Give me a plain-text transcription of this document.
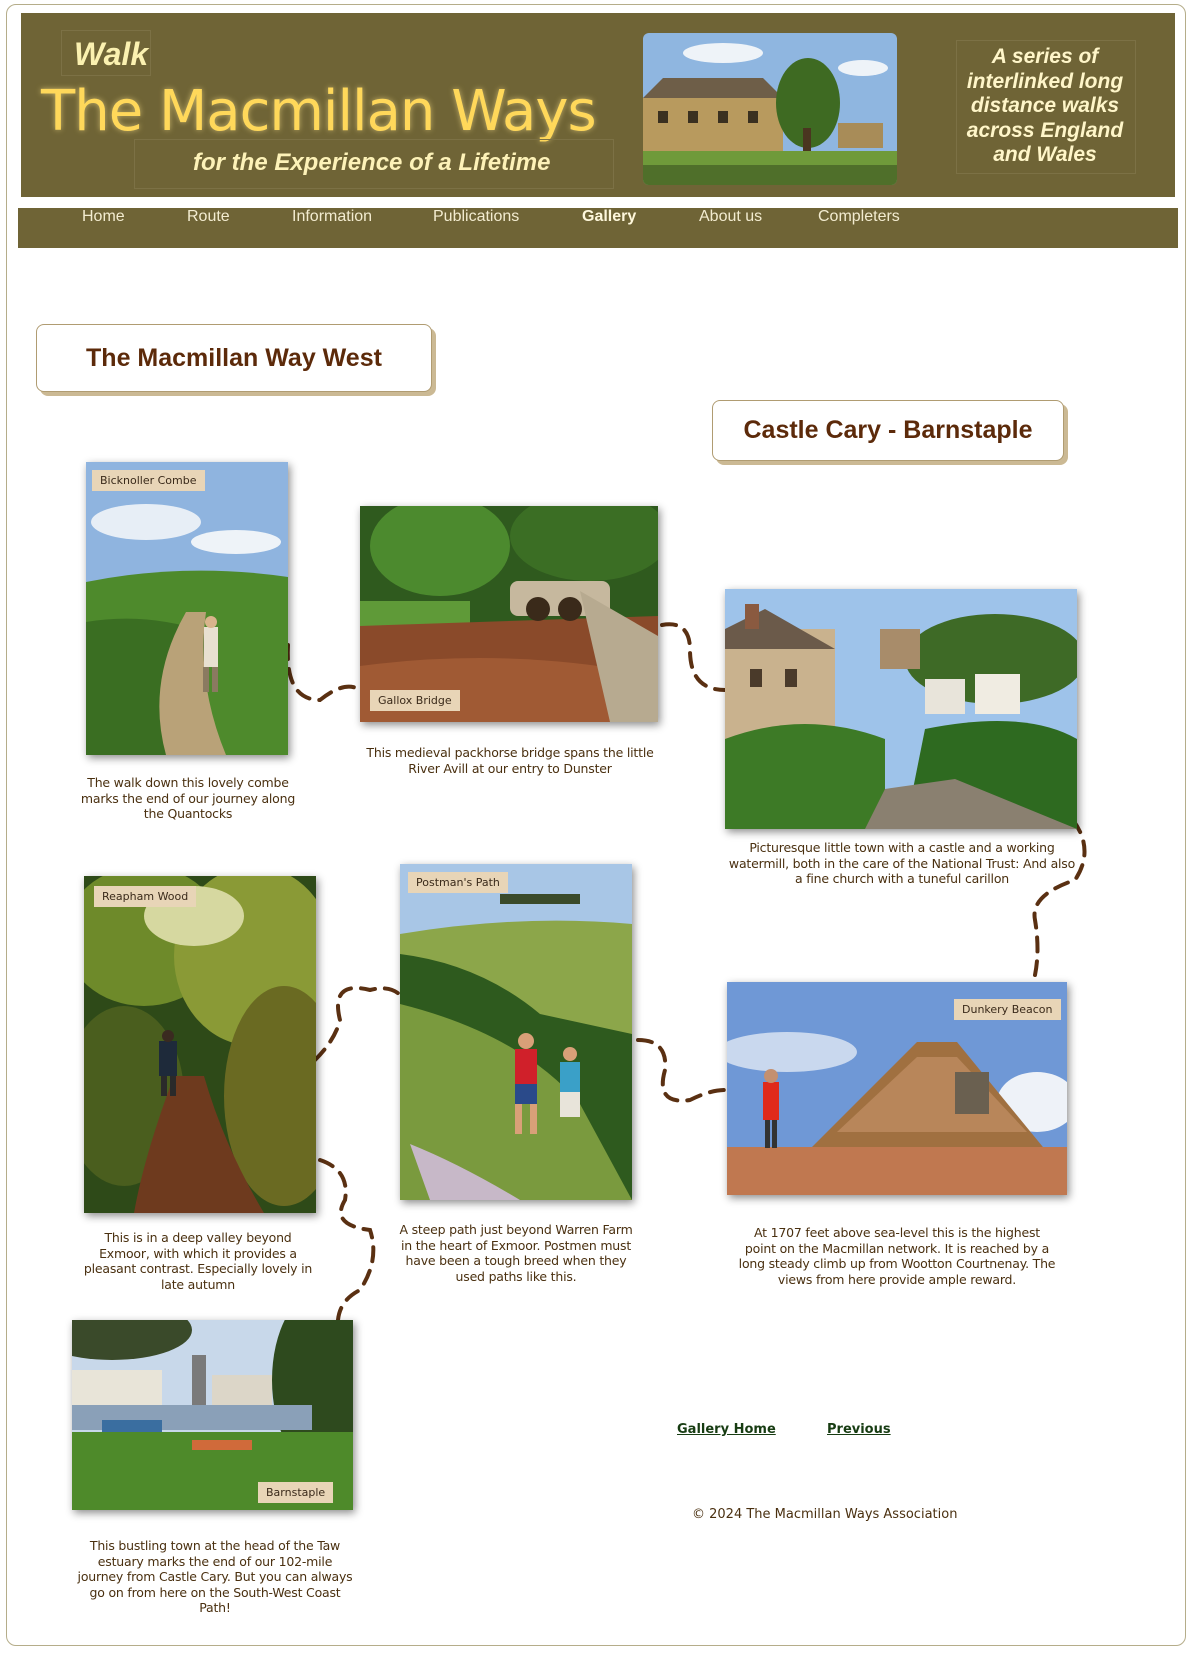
Walk
The Macmillan Ways
for the Experience of a Lifetime
A series of interlinked long distance walks across England and Wales
Home	Route	Information	Publications	Gallery	About us	Completers
The Macmillan Way West
Castle Cary - Barnstaple
Bicknoller Combe
The walk down this lovely combe marks the end of our journey along the Quantocks
Gallox Bridge
This medieval packhorse bridge spans the little River Avill at our entry to Dunster
Picturesque little town with a castle and a working watermill, both in the care of the National Trust: And also a fine church with a tuneful carillon
Reapham Wood
This is in a deep valley beyond Exmoor, with which it provides a pleasant contrast. Especially lovely in late autumn
Postman's Path
A steep path just beyond Warren Farm in the heart of Exmoor. Postmen must have been a tough breed when they used paths like this.
Dunkery Beacon
At 1707 feet above sea-level this is the highest point on the Macmillan network. It is reached by a long steady climb up from Wootton Courtnenay. The views from here provide ample reward.
Barnstaple
This bustling town at the head of the Taw estuary marks the end of our 102-mile journey from Castle Cary. But you can always go on from here on the South-West Coast Path!
Gallery Home	Previous
© 2024 The Macmillan Ways Association
